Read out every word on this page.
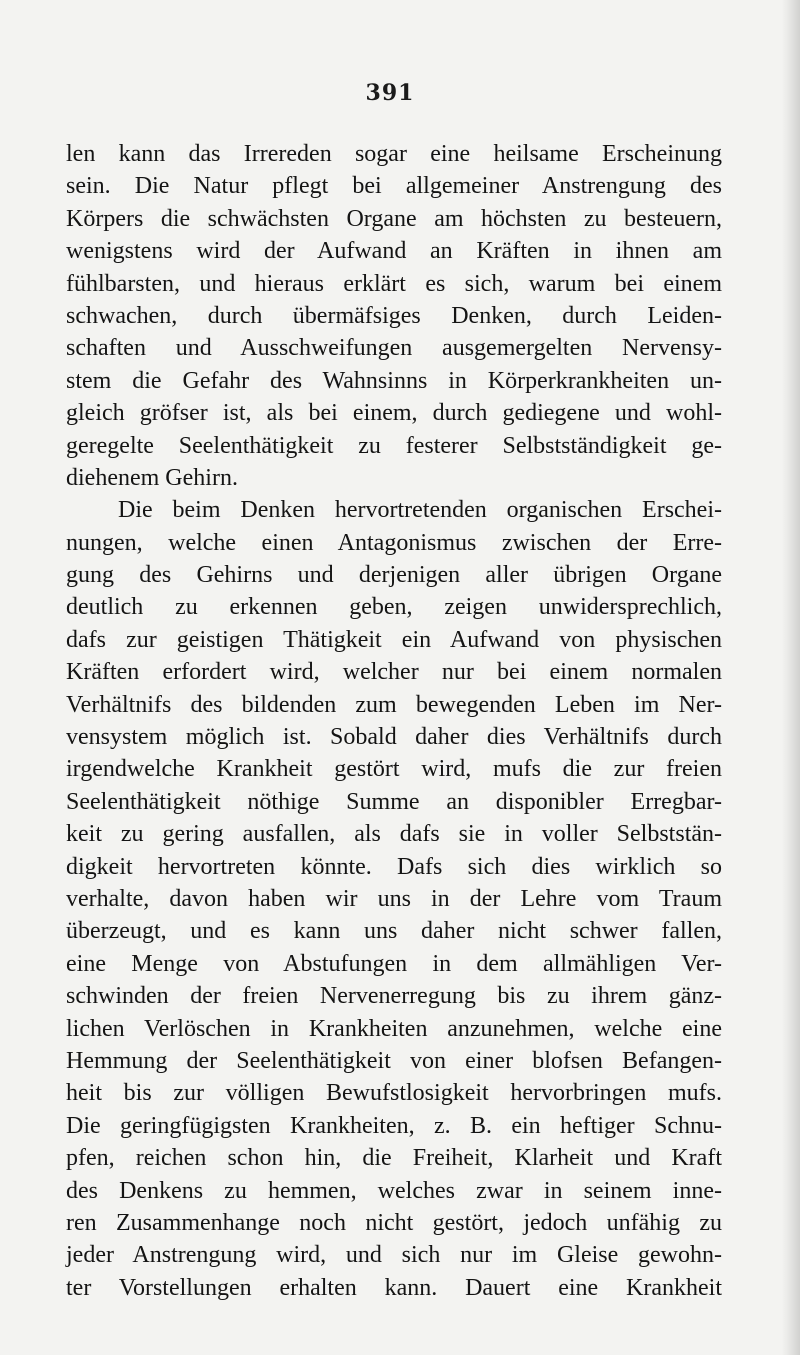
391
len kann das Irrereden sogar eine heilsame Erscheinung
sein. Die Natur pflegt bei allgemeiner Anstrengung des
Körpers die schwächsten Organe am höchsten zu besteuern,
wenigstens wird der Aufwand an Kräften in ihnen am
fühlbarsten, und hieraus erklärt es sich, warum bei einem
schwachen, durch übermäfsiges Denken, durch Leiden-
schaften und Ausschweifungen ausgemergelten Nervensy-
stem die Gefahr des Wahnsinns in Körperkrankheiten un-
gleich gröfser ist, als bei einem, durch gediegene und wohl-
geregelte Seelenthätigkeit zu festerer Selbstständigkeit ge-
diehenem Gehirn.
Die beim Denken hervortretenden organischen Erschei-
nungen, welche einen Antagonismus zwischen der Erre-
gung des Gehirns und derjenigen aller übrigen Organe
deutlich zu erkennen geben, zeigen unwidersprechlich,
dafs zur geistigen Thätigkeit ein Aufwand von physischen
Kräften erfordert wird, welcher nur bei einem normalen
Verhältnifs des bildenden zum bewegenden Leben im Ner-
vensystem möglich ist. Sobald daher dies Verhältnifs durch
irgendwelche Krankheit gestört wird, mufs die zur freien
Seelenthätigkeit nöthige Summe an disponibler Erregbar-
keit zu gering ausfallen, als dafs sie in voller Selbststän-
digkeit hervortreten könnte. Dafs sich dies wirklich so
verhalte, davon haben wir uns in der Lehre vom Traum
überzeugt, und es kann uns daher nicht schwer fallen,
eine Menge von Abstufungen in dem allmähligen Ver-
schwinden der freien Nervenerregung bis zu ihrem gänz-
lichen Verlöschen in Krankheiten anzunehmen, welche eine
Hemmung der Seelenthätigkeit von einer blofsen Befangen-
heit bis zur völligen Bewufstlosigkeit hervorbringen mufs.
Die geringfügigsten Krankheiten, z. B. ein heftiger Schnu-
pfen, reichen schon hin, die Freiheit, Klarheit und Kraft
des Denkens zu hemmen, welches zwar in seinem inne-
ren Zusammenhange noch nicht gestört, jedoch unfähig zu
jeder Anstrengung wird, und sich nur im Gleise gewohn-
ter Vorstellungen erhalten kann. Dauert eine Krankheit
